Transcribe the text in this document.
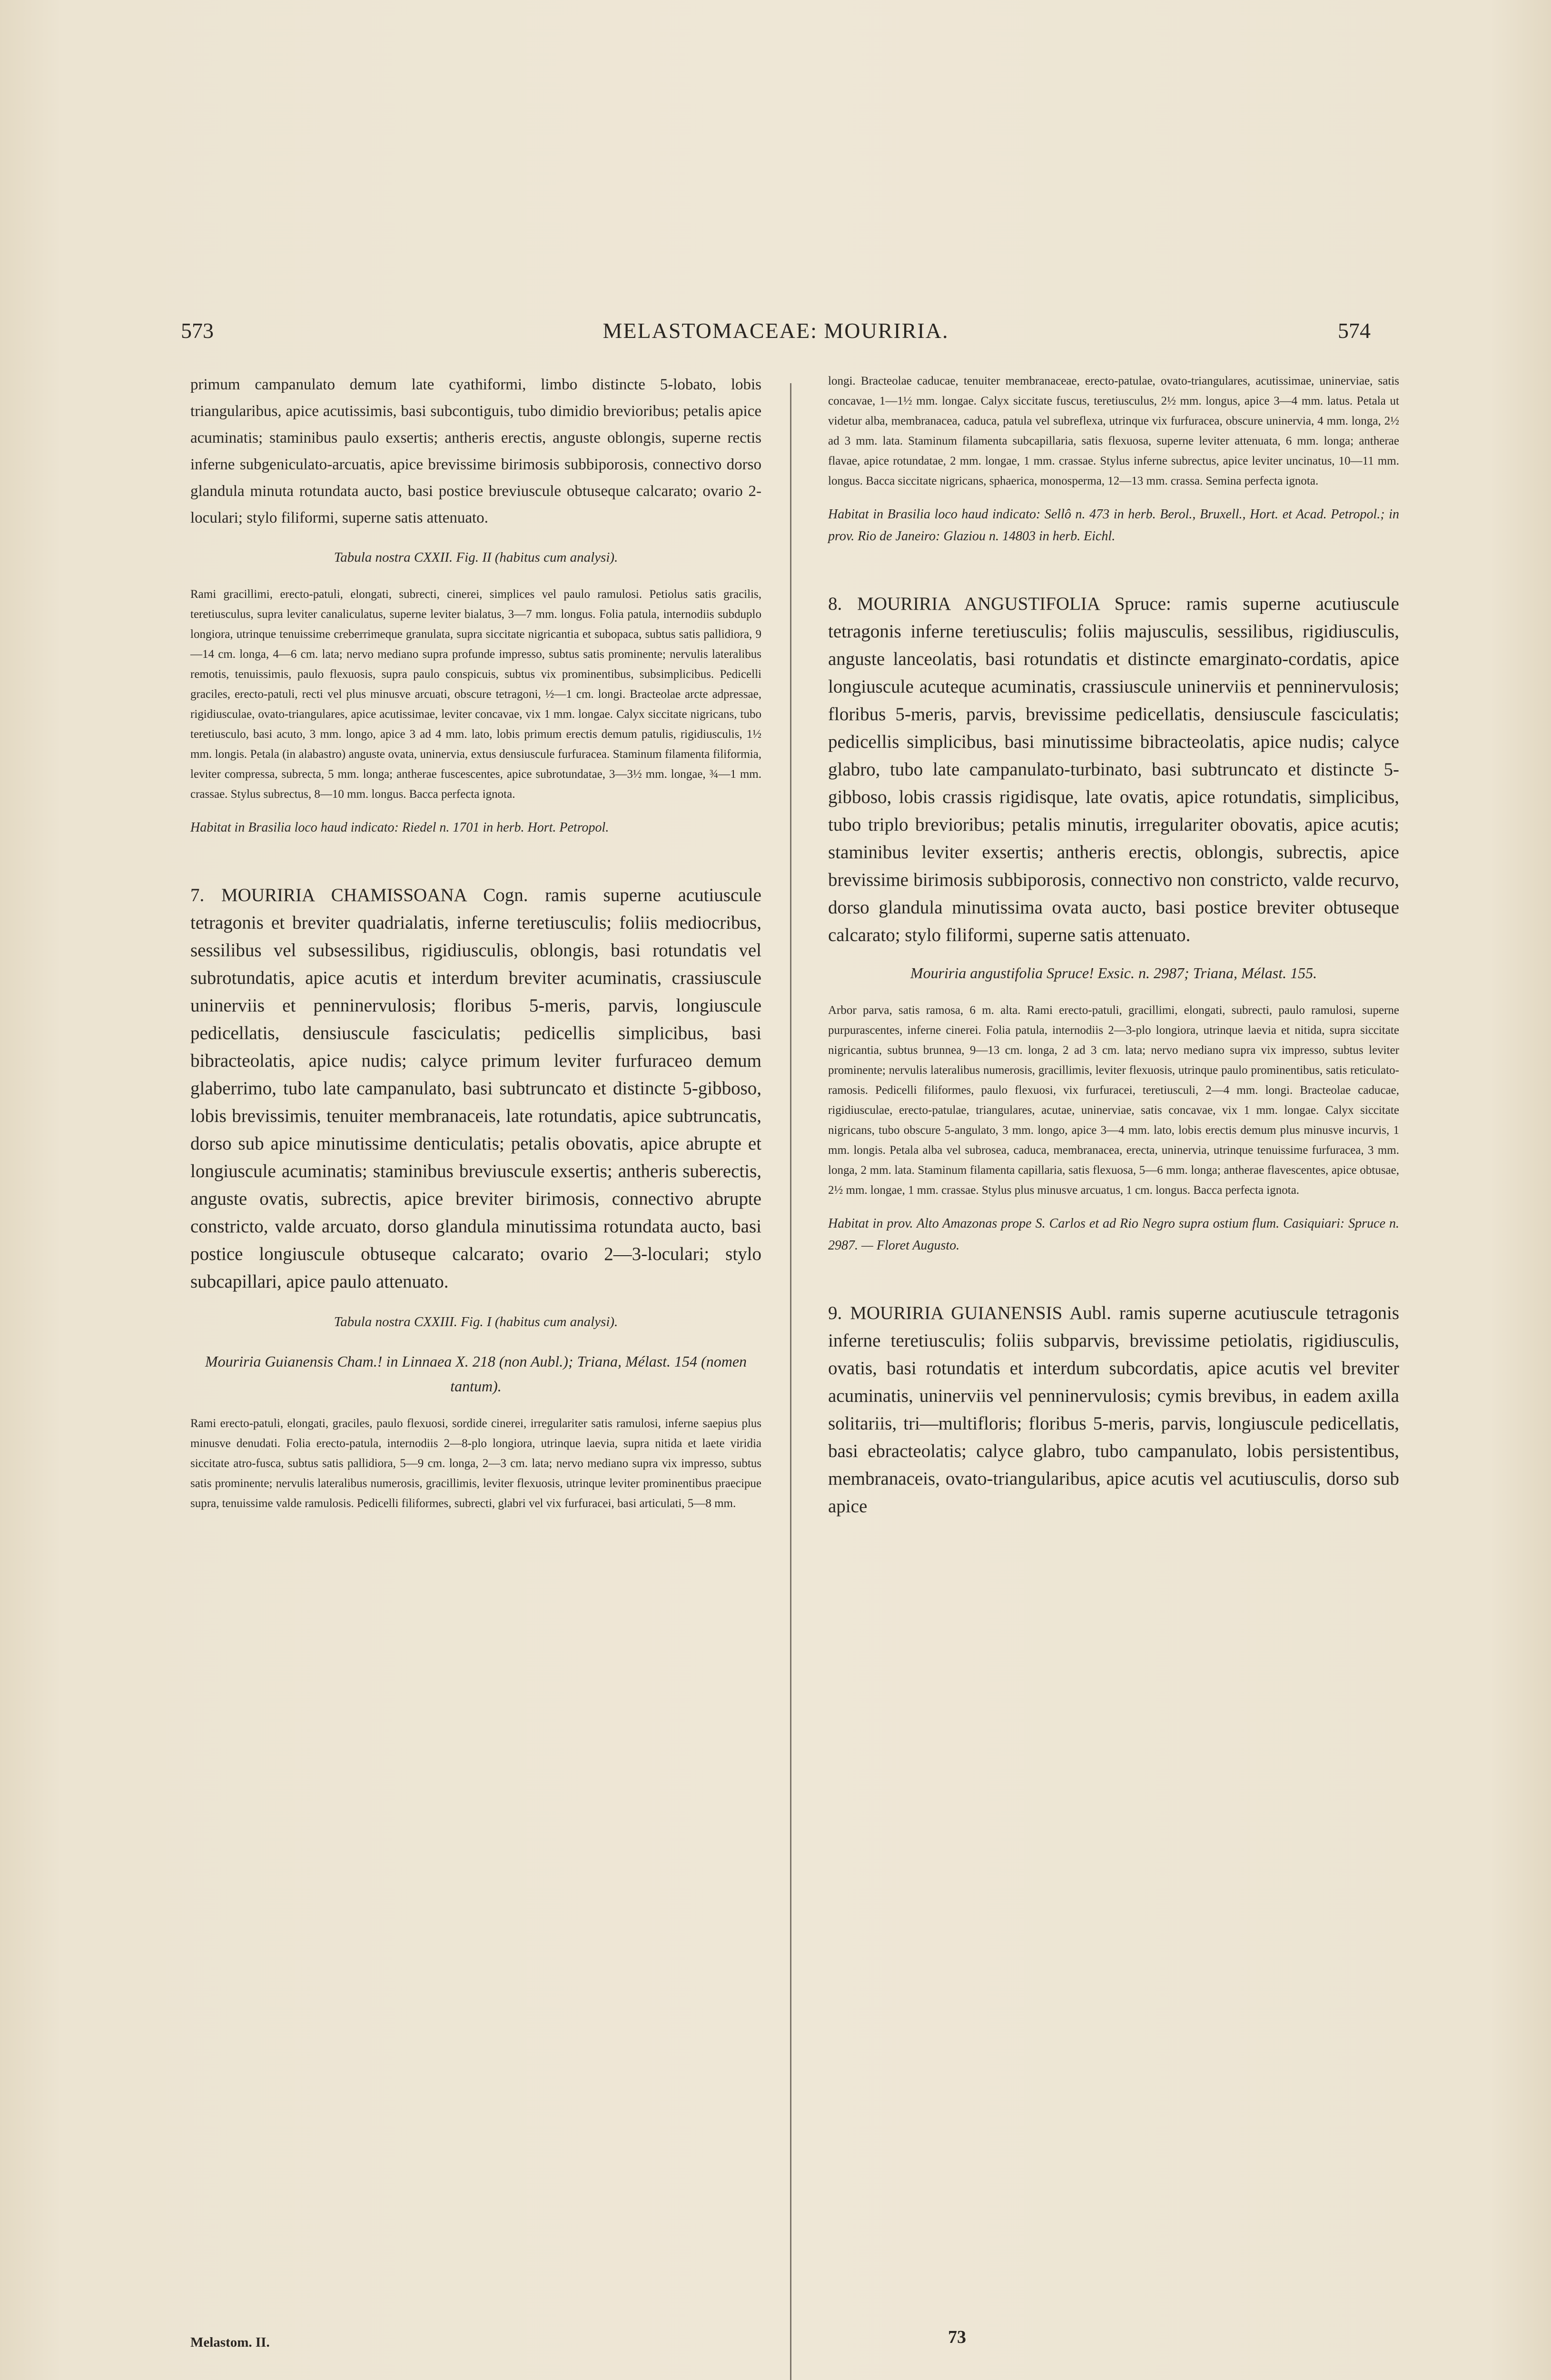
573	MELASTOMACEAE: MOURIRIA.	574

primum campanulato demum late cyathiformi, limbo distincte 5-lobato, lobis triangularibus, apice acutissimis, basi subcontiguis, tubo dimidio brevioribus; petalis apice acuminatis; staminibus paulo exsertis; antheris erectis, anguste oblongis, superne rectis inferne subgeniculato-arcuatis, apice brevissime birimosis subbiporosis, connectivo dorso glandula minuta rotundata aucto, basi postice breviuscule obtuseque calcarato; ovario 2-loculari; stylo filiformi, superne satis attenuato.

Tabula nostra CXXII. Fig. II (habitus cum analysi).

Rami gracillimi, erecto-patuli, elongati, subrecti, cinerei, simplices vel paulo ramulosi. Petiolus satis gracilis, teretiusculus, supra leviter canaliculatus, superne leviter bialatus, 3—7 mm. longus. Folia patula, internodiis subduplo longiora, utrinque tenuissime creberrimeque granulata, supra siccitate nigricantia et subopaca, subtus satis pallidiora, 9—14 cm. longa, 4—6 cm. lata; nervo mediano supra profunde impresso, subtus satis prominente; nervulis lateralibus remotis, tenuissimis, paulo flexuosis, supra paulo conspicuis, subtus vix prominentibus, subsimplicibus. Pedicelli graciles, erecto-patuli, recti vel plus minusve arcuati, obscure tetragoni, ½—1 cm. longi. Bracteolae arcte adpressae, rigidiusculae, ovato-triangulares, apice acutissimae, leviter concavae, vix 1 mm. longae. Calyx siccitate nigricans, tubo teretiusculo, basi acuto, 3 mm. longo, apice 3 ad 4 mm. lato, lobis primum erectis demum patulis, rigidiusculis, 1½ mm. longis. Petala (in alabastro) anguste ovata, uninervia, extus densiuscule furfuracea. Staminum filamenta filiformia, leviter compressa, subrecta, 5 mm. longa; antherae fuscescentes, apice subrotundatae, 3—3½ mm. longae, ¾—1 mm. crassae. Stylus subrectus, 8—10 mm. longus. Bacca perfecta ignota.

Habitat in Brasilia loco haud indicato: Riedel n. 1701 in herb. Hort. Petropol.

7. MOURIRIA CHAMISSOANA Cogn. ramis superne acutiuscule tetragonis et breviter quadrialatis, inferne teretiusculis; foliis mediocribus, sessilibus vel subsessilibus, rigidiusculis, oblongis, basi rotundatis vel subrotundatis, apice acutis et interdum breviter acuminatis, crassiuscule uninerviis et penninervulosis; floribus 5-meris, parvis, longiuscule pedicellatis, densiuscule fasciculatis; pedicellis simplicibus, basi bibracteolatis, apice nudis; calyce primum leviter furfuraceo demum glaberrimo, tubo late campanulato, basi subtruncato et distincte 5-gibboso, lobis brevissimis, tenuiter membranaceis, late rotundatis, apice subtruncatis, dorso sub apice minutissime denticulatis; petalis obovatis, apice abrupte et longiuscule acuminatis; staminibus breviuscule exsertis; antheris suberectis, anguste ovatis, subrectis, apice breviter birimosis, connectivo abrupte constricto, valde arcuato, dorso glandula minutissima rotundata aucto, basi postice longiuscule obtuseque calcarato; ovario 2—3-loculari; stylo subcapillari, apice paulo attenuato.

Tabula nostra CXXIII. Fig. I (habitus cum analysi).

Mouriria Guianensis Cham.! in Linnaea X. 218 (non Aubl.); Triana, Mélast. 154 (nomen tantum).

Rami erecto-patuli, elongati, graciles, paulo flexuosi, sordide cinerei, irregulariter satis ramulosi, inferne saepius plus minusve denudati. Folia erecto-patula, internodiis 2—8-plo longiora, utrinque laevia, supra nitida et laete viridia siccitate atro-fusca, subtus satis pallidiora, 5—9 cm. longa, 2—3 cm. lata; nervo mediano supra vix impresso, subtus satis prominente; nervulis lateralibus numerosis, gracillimis, leviter flexuosis, utrinque leviter prominentibus praecipue supra, tenuissime valde ramulosis. Pedicelli filiformes, subrecti, glabri vel vix furfuracei, basi articulati, 5—8 mm.

longi. Bracteolae caducae, tenuiter membranaceae, erecto-patulae, ovato-triangulares, acutissimae, uninerviae, satis concavae, 1—1½ mm. longae. Calyx siccitate fuscus, teretiusculus, 2½ mm. longus, apice 3—4 mm. latus. Petala ut videtur alba, membranacea, caduca, patula vel subreflexa, utrinque vix furfuracea, obscure uninervia, 4 mm. longa, 2½ ad 3 mm. lata. Staminum filamenta subcapillaria, satis flexuosa, superne leviter attenuata, 6 mm. longa; antherae flavae, apice rotundatae, 2 mm. longae, 1 mm. crassae. Stylus inferne subrectus, apice leviter uncinatus, 10—11 mm. longus. Bacca siccitate nigricans, sphaerica, monosperma, 12—13 mm. crassa. Semina perfecta ignota.

Habitat in Brasilia loco haud indicato: Sellô n. 473 in herb. Berol., Bruxell., Hort. et Acad. Petropol.; in prov. Rio de Janeiro: Glaziou n. 14803 in herb. Eichl.

8. MOURIRIA ANGUSTIFOLIA Spruce: ramis superne acutiuscule tetragonis inferne teretiusculis; foliis majusculis, sessilibus, rigidiusculis, anguste lanceolatis, basi rotundatis et distincte emarginato-cordatis, apice longiuscule acuteque acuminatis, crassiuscule uninerviis et penninervulosis; floribus 5-meris, parvis, brevissime pedicellatis, densiuscule fasciculatis; pedicellis simplicibus, basi minutissime bibracteolatis, apice nudis; calyce glabro, tubo late campanulato-turbinato, basi subtruncato et distincte 5-gibboso, lobis crassis rigidisque, late ovatis, apice rotundatis, simplicibus, tubo triplo brevioribus; petalis minutis, irregulariter obovatis, apice acutis; staminibus leviter exsertis; antheris erectis, oblongis, subrectis, apice brevissime birimosis subbiporosis, connectivo non constricto, valde recurvo, dorso glandula minutissima ovata aucto, basi postice breviter obtuseque calcarato; stylo filiformi, superne satis attenuato.

Mouriria angustifolia Spruce! Exsic. n. 2987; Triana, Mélast. 155.

Arbor parva, satis ramosa, 6 m. alta. Rami erecto-patuli, gracillimi, elongati, subrecti, paulo ramulosi, superne purpurascentes, inferne cinerei. Folia patula, internodiis 2—3-plo longiora, utrinque laevia et nitida, supra siccitate nigricantia, subtus brunnea, 9—13 cm. longa, 2 ad 3 cm. lata; nervo mediano supra vix impresso, subtus leviter prominente; nervulis lateralibus numerosis, gracillimis, leviter flexuosis, utrinque paulo prominentibus, satis reticulato-ramosis. Pedicelli filiformes, paulo flexuosi, vix furfuracei, teretiusculi, 2—4 mm. longi. Bracteolae caducae, rigidiusculae, erecto-patulae, triangulares, acutae, uninerviae, satis concavae, vix 1 mm. longae. Calyx siccitate nigricans, tubo obscure 5-angulato, 3 mm. longo, apice 3—4 mm. lato, lobis erectis demum plus minusve incurvis, 1 mm. longis. Petala alba vel subrosea, caduca, membranacea, erecta, uninervia, utrinque tenuissime furfuracea, 3 mm. longa, 2 mm. lata. Staminum filamenta capillaria, satis flexuosa, 5—6 mm. longa; antherae flavescentes, apice obtusae, 2½ mm. longae, 1 mm. crassae. Stylus plus minusve arcuatus, 1 cm. longus. Bacca perfecta ignota.

Habitat in prov. Alto Amazonas prope S. Carlos et ad Rio Negro supra ostium flum. Casiquiari: Spruce n. 2987. — Floret Augusto.

9. MOURIRIA GUIANENSIS Aubl. ramis superne acutiuscule tetragonis inferne teretiusculis; foliis subparvis, brevissime petiolatis, rigidiusculis, ovatis, basi rotundatis et interdum subcordatis, apice acutis vel breviter acuminatis, uninerviis vel penninervulosis; cymis brevibus, in eadem axilla solitariis, tri—multifloris; floribus 5-meris, parvis, longiuscule pedicellatis, basi ebracteolatis; calyce glabro, tubo campanulato, lobis persistentibus, membranaceis, ovato-triangularibus, apice acutis vel acutiusculis, dorso sub apice

Melastom. II.	73
